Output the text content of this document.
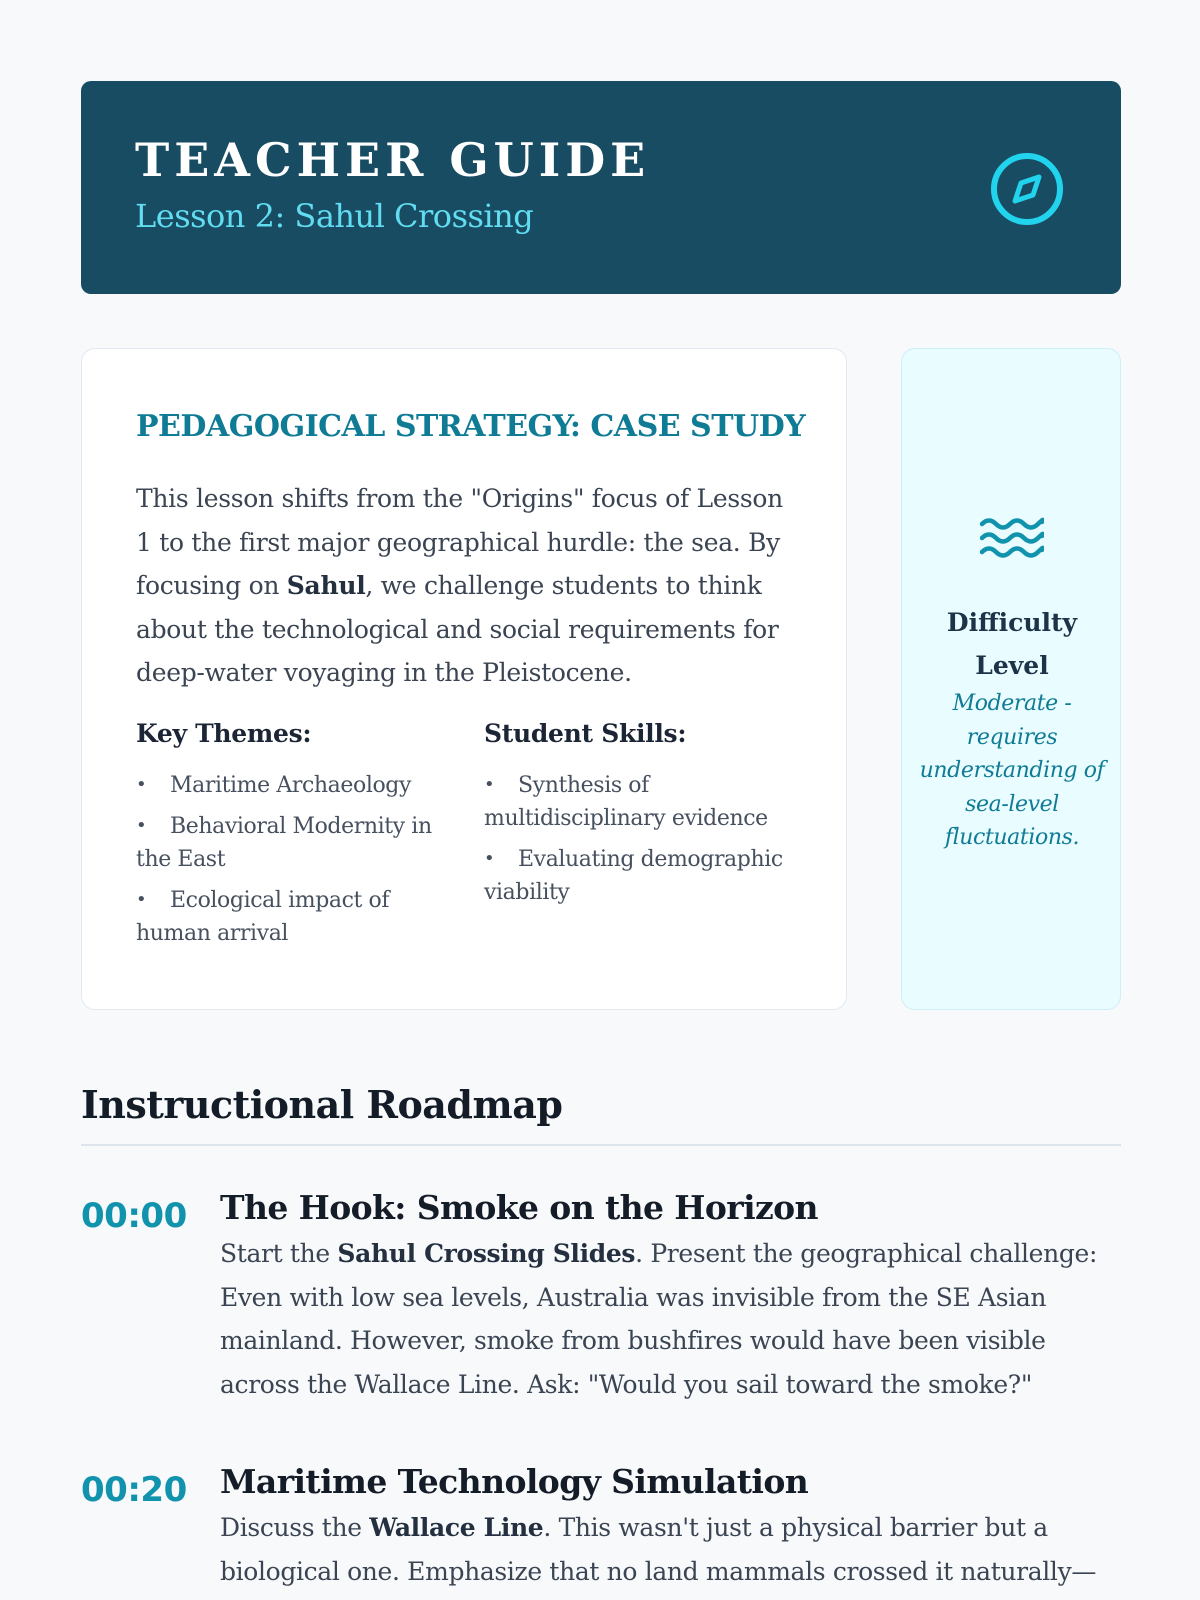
TEACHER GUIDE
Lesson 2: Sahul Crossing
PEDAGOGICAL STRATEGY: CASE STUDY

This lesson shifts from the "Origins" focus of Lesson 1 to the first major geographical hurdle: the sea. By focusing on Sahul, we challenge students to think about the technological and social requirements for deep-water voyaging in the Pleistocene.

Key Themes:
• Maritime Archaeology
• Behavioral Modernity in the East
• Ecological impact of human arrival
Student Skills:
• Synthesis of multidisciplinary evidence
• Evaluating demographic viability
Difficulty Level
Moderate - requires understanding of sea-level fluctuations.
Instructional Roadmap
00:00 The Hook: Smoke on the Horizon

Start the Sahul Crossing Slides. Present the geographical challenge: Even with low sea levels, Australia was invisible from the SE Asian mainland. However, smoke from bushfires would have been visible across the Wallace Line. Ask: "Would you sail toward the smoke?"

00:20 Maritime Technology Simulation

Discuss the Wallace Line. This wasn't just a physical barrier but a biological one. Emphasize that no land mammals crossed it naturally—
